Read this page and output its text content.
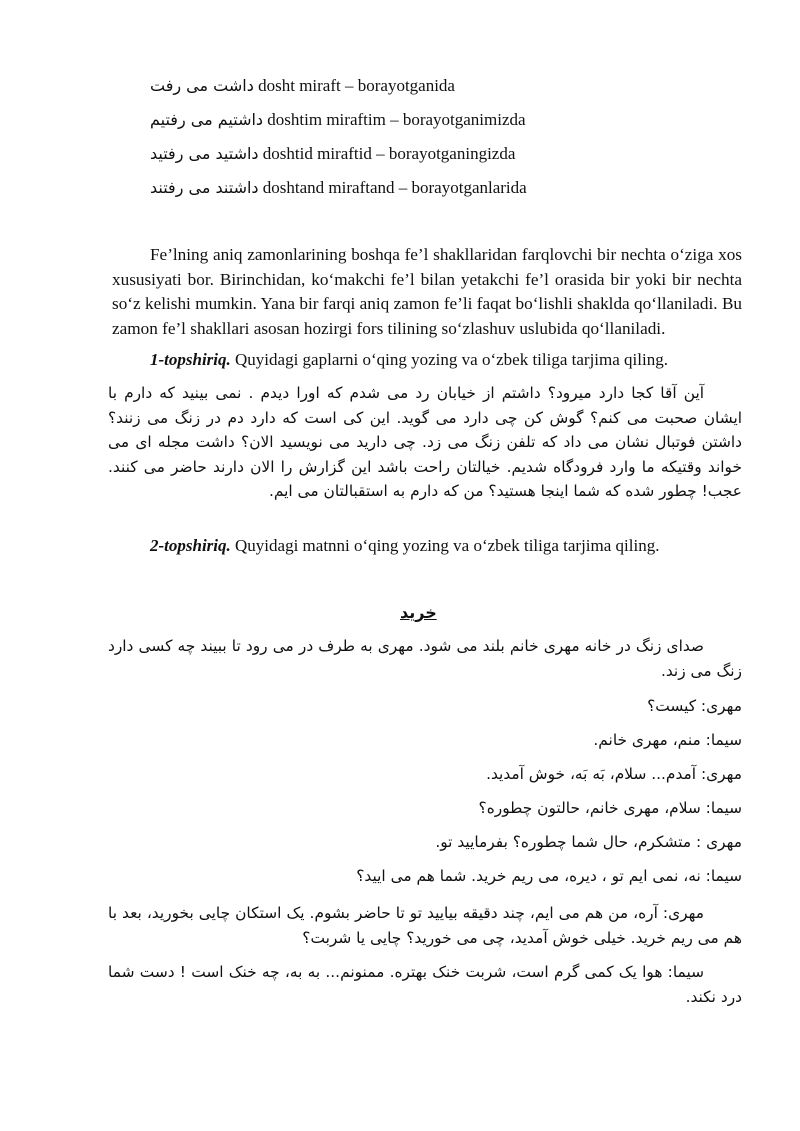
داشت می رفت dosht miraft – borayotganida
داشتیم می رفتیم doshtim miraftim – borayotganimizda
داشتید می رفتید doshtid miraftid – borayotganingizda
داشتند می رفتند doshtand miraftand – borayotganlarida

Fe’lning aniq zamonlarining boshqa fe’l shakllaridan farqlovchi bir nechta o‘ziga xos xususiyati bor. Birinchidan, ko‘makchi fe’l bilan yetakchi fe’l orasida bir yoki bir nechta so‘z kelishi mumkin. Yana bir farqi aniq zamon fe’li faqat bo‘lishli shaklda qo‘llaniladi. Bu zamon fe’l shakllari asosan hozirgi fors tilining so‘zlashuv uslubida qo‘llaniladi.

1-topshiriq. Quyidagi gaplarni o‘qing yozing va o‘zbek tiliga tarjima qiling.

آین آقا کجا دارد میرود؟ داشتم از خیابان رد می شدم که اورا دیدم . نمی بینید که دارم با ایشان صحبت می کنم؟ گوش کن چی دارد می گوید. این کی است که دارد دم در زنگ می زنند؟ داشتن فوتبال نشان می داد که تلفن زنگ می زد. چی دارید می نویسید الان؟ داشت مجله ای می خواند وقتیکه ما وارد فرودگاه شدیم. خیالتان راحت باشد این گزارش را الان دارند حاضر می کنند. عجب! چطور شده که شما اینجا هستید؟ من که دارم به استقبالتان می ایم.

2-topshiriq. Quyidagi matnni o‘qing yozing va o‘zbek tiliga tarjima qiling.
خرید

صدای زنگ در خانه مهری خانم بلند می شود. مهری به طرف در می رود تا ببیند چه کسی دارد زنگ می زند.

مهری: کیست؟
سیما: منم، مهری خانم.
مهری: آمدم... سلام، بَه بَه، خوش آمدید.
سیما: سلام، مهری خانم، حالتون چطوره؟
مهری : متشکرم، حال شما چطوره؟ بفرمایید تو.
سیما: نه، نمی ایم تو ، دیره، می ریم خرید. شما هم می ایید؟

مهری: آره، من هم می ایم، چند دقیقه بیایید تو تا حاضر بشوم. یک استکان چایی بخورید، بعد با هم می ریم خرید. خیلی خوش آمدید، چی می خورید؟ چایی یا شربت؟

سیما: هوا یک کمی گرم است، شربت خنک بهتره. ممنونم... به به، چه خنک است ! دست شما درد نکند.
